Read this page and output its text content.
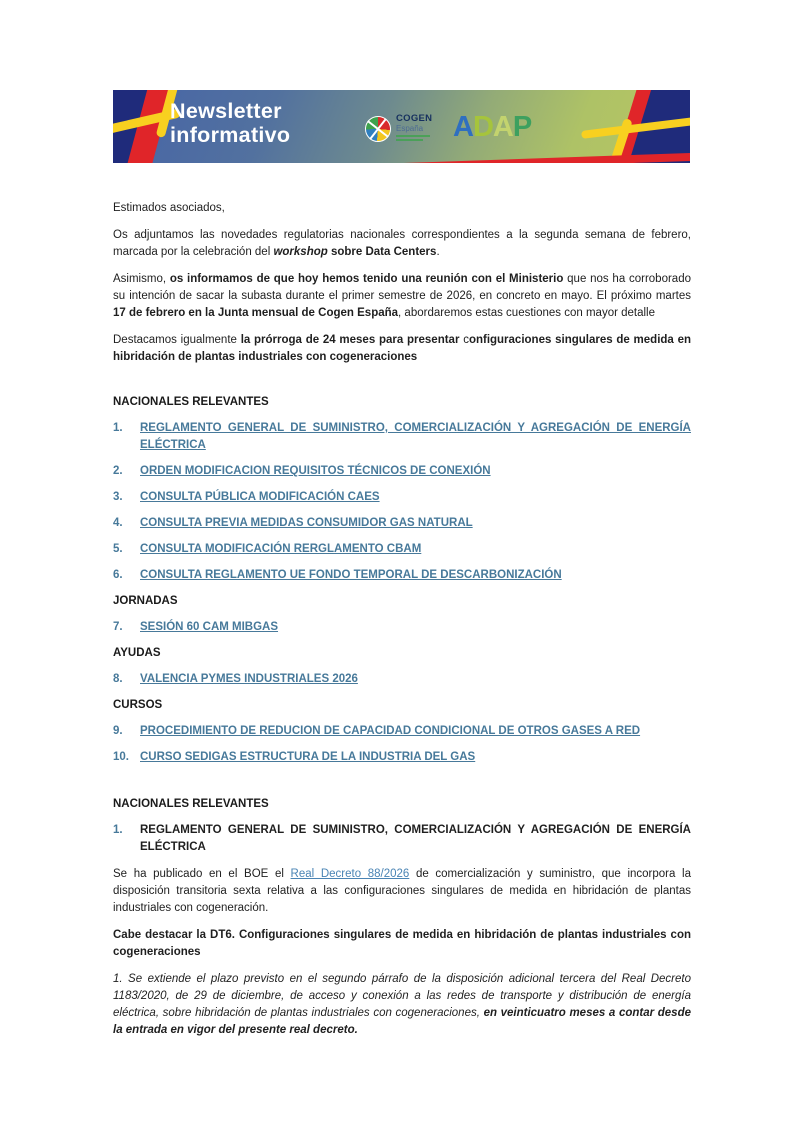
Newsletter
informativo
COGEN
España	ADAP

Estimados asociados,

Os adjuntamos las novedades regulatorias nacionales correspondientes a la segunda semana de febrero, marcada por la celebración del workshop sobre Data Centers.

Asimismo, os informamos de que hoy hemos tenido una reunión con el Ministerio que nos ha corroborado su intención de sacar la subasta durante el primer semestre de 2026, en concreto en mayo. El próximo martes 17 de febrero en la Junta mensual de Cogen España, abordaremos estas cuestiones con mayor detalle

Destacamos igualmente la prórroga de 24 meses para presentar configuraciones singulares de medida en hibridación de plantas industriales con cogeneraciones

NACIONALES RELEVANTES
1. REGLAMENTO GENERAL DE SUMINISTRO, COMERCIALIZACIÓN Y AGREGACIÓN DE ENERGÍA ELÉCTRICA
2. ORDEN MODIFICACION REQUISITOS TÉCNICOS DE CONEXIÓN
3. CONSULTA PÚBLICA MODIFICACIÓN CAES
4. CONSULTA PREVIA MEDIDAS CONSUMIDOR GAS NATURAL
5. CONSULTA MODIFICACIÓN RERGLAMENTO CBAM
6. CONSULTA REGLAMENTO UE FONDO TEMPORAL DE DESCARBONIZACIÓN
JORNADAS
7. SESIÓN 60 CAM MIBGAS
AYUDAS
8. VALENCIA PYMES INDUSTRIALES 2026
CURSOS
9. PROCEDIMIENTO DE REDUCION DE CAPACIDAD CONDICIONAL DE OTROS GASES A RED
10. CURSO SEDIGAS ESTRUCTURA DE LA INDUSTRIA DEL GAS
NACIONALES RELEVANTES
1. REGLAMENTO GENERAL DE SUMINISTRO, COMERCIALIZACIÓN Y AGREGACIÓN DE ENERGÍA ELÉCTRICA

Se ha publicado en el BOE el Real Decreto 88/2026 de comercialización y suministro, que incorpora la disposición transitoria sexta relativa a las configuraciones singulares de medida en hibridación de plantas industriales con cogeneración.

Cabe destacar la DT6. Configuraciones singulares de medida en hibridación de plantas industriales con cogeneraciones

1. Se extiende el plazo previsto en el segundo párrafo de la disposición adicional tercera del Real Decreto 1183/2020, de 29 de diciembre, de acceso y conexión a las redes de transporte y distribución de energía eléctrica, sobre hibridación de plantas industriales con cogeneraciones, en veinticuatro meses a contar desde la entrada en vigor del presente real decreto.
